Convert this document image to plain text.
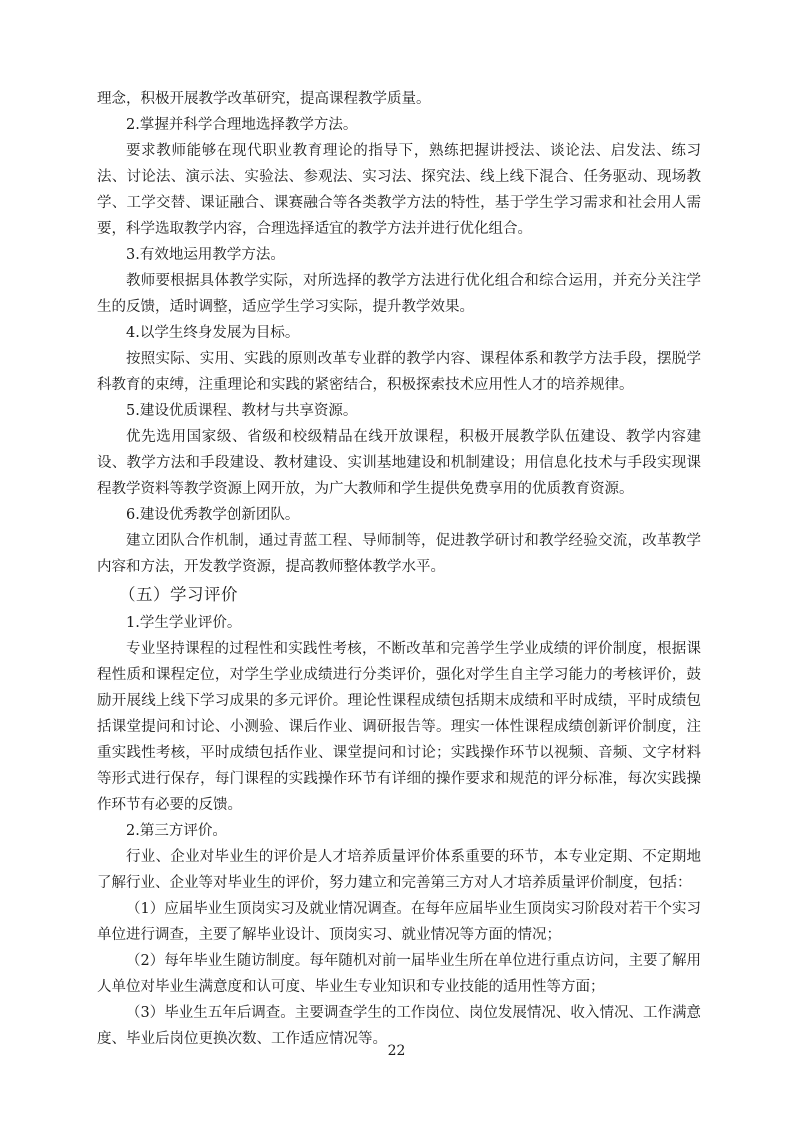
理念，积极开展教学改革研究，提高课程教学质量。

2.掌握并科学合理地选择教学方法。

要求教师能够在现代职业教育理论的指导下，熟练把握讲授法、谈论法、启发法、练习法、讨论法、演示法、实验法、参观法、实习法、探究法、线上线下混合、任务驱动、现场教学、工学交替、课证融合、课赛融合等各类教学方法的特性，基于学生学习需求和社会用人需要，科学选取教学内容，合理选择适宜的教学方法并进行优化组合。

3.有效地运用教学方法。

教师要根据具体教学实际，对所选择的教学方法进行优化组合和综合运用，并充分关注学生的反馈，适时调整，适应学生学习实际，提升教学效果。

4.以学生终身发展为目标。

按照实际、实用、实践的原则改革专业群的教学内容、课程体系和教学方法手段，摆脱学科教育的束缚，注重理论和实践的紧密结合，积极探索技术应用性人才的培养规律。

5.建设优质课程、教材与共享资源。

优先选用国家级、省级和校级精品在线开放课程，积极开展教学队伍建设、教学内容建设、教学方法和手段建设、教材建设、实训基地建设和机制建设；用信息化技术与手段实现课程教学资料等教学资源上网开放，为广大教师和学生提供免费享用的优质教育资源。

6.建设优秀教学创新团队。

建立团队合作机制，通过青蓝工程、导师制等，促进教学研讨和教学经验交流，改革教学内容和方法，开发教学资源，提高教师整体教学水平。

（五）学习评价

1.学生学业评价。

专业坚持课程的过程性和实践性考核，不断改革和完善学生学业成绩的评价制度，根据课程性质和课程定位，对学生学业成绩进行分类评价，强化对学生自主学习能力的考核评价，鼓励开展线上线下学习成果的多元评价。理论性课程成绩包括期末成绩和平时成绩，平时成绩包括课堂提问和讨论、小测验、课后作业、调研报告等。理实一体性课程成绩创新评价制度，注重实践性考核，平时成绩包括作业、课堂提问和讨论；实践操作环节以视频、音频、文字材料等形式进行保存，每门课程的实践操作环节有详细的操作要求和规范的评分标准，每次实践操作环节有必要的反馈。

2.第三方评价。

行业、企业对毕业生的评价是人才培养质量评价体系重要的环节，本专业定期、不定期地了解行业、企业等对毕业生的评价，努力建立和完善第三方对人才培养质量评价制度，包括：

（1）应届毕业生顶岗实习及就业情况调查。在每年应届毕业生顶岗实习阶段对若干个实习单位进行调查，主要了解毕业设计、顶岗实习、就业情况等方面的情况；

（2）每年毕业生随访制度。每年随机对前一届毕业生所在单位进行重点访问，主要了解用人单位对毕业生满意度和认可度、毕业生专业知识和专业技能的适用性等方面；

（3）毕业生五年后调查。主要调查学生的工作岗位、岗位发展情况、收入情况、工作满意度、毕业后岗位更换次数、工作适应情况等。

22
